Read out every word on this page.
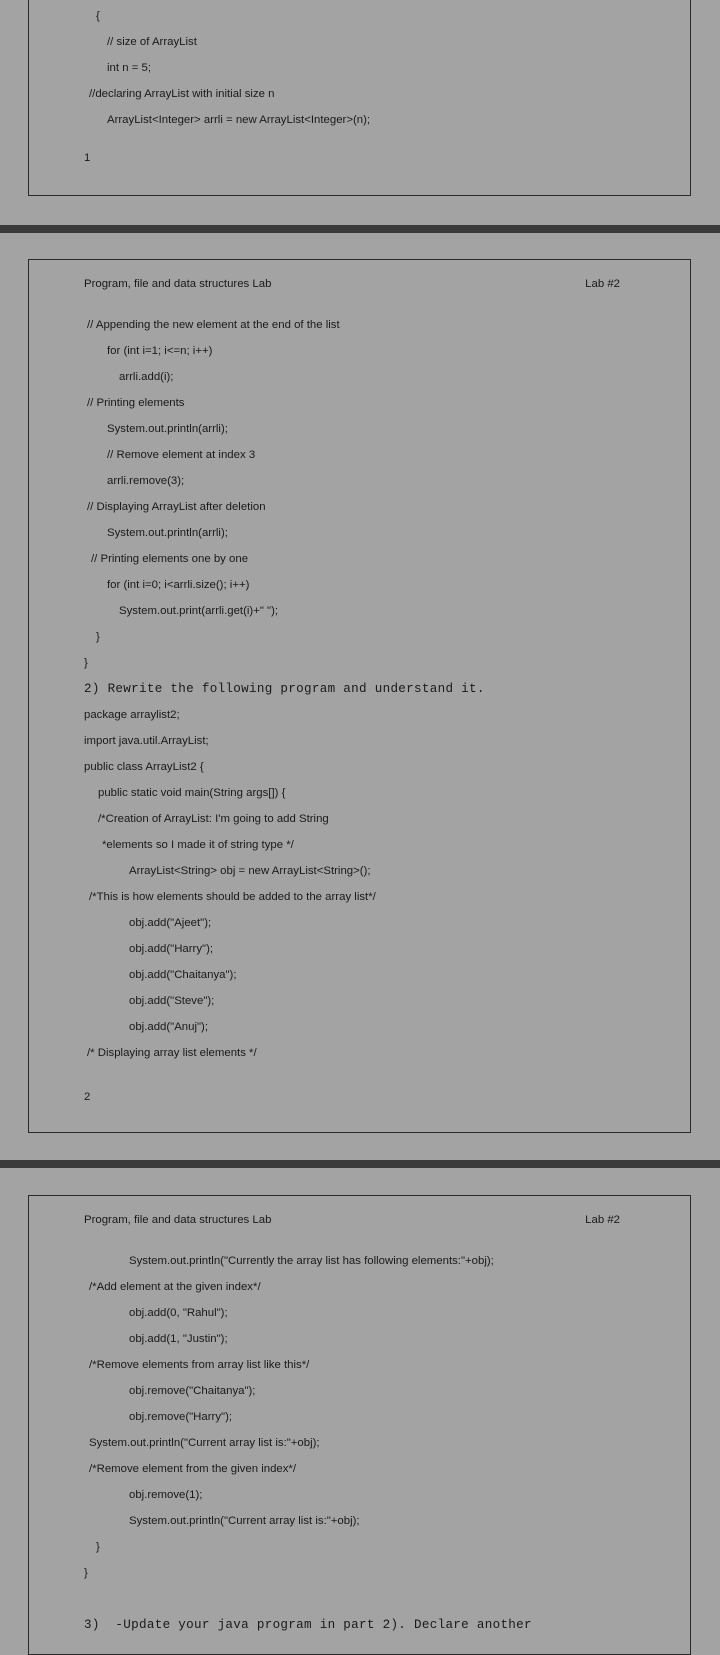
{
// size of ArrayList
int n = 5;
//declaring ArrayList with initial size n
ArrayList<Integer> arrli = new ArrayList<Integer>(n);
1
Program, file and data structures Lab	Lab #2
// Appending the new element at the end of the list
for (int i=1; i<=n; i++)
arrli.add(i);
// Printing elements
System.out.println(arrli);
// Remove element at index 3
arrli.remove(3);
// Displaying ArrayList after deletion
System.out.println(arrli);
// Printing elements one by one
for (int i=0; i<arrli.size(); i++)
System.out.print(arrli.get(i)+" ");
}
}
2) Rewrite the following program and understand it.
package arraylist2;
import java.util.ArrayList;
public class ArrayList2 {
public static void main(String args[]) {
/*Creation of ArrayList: I'm going to add String
*elements so I made it of string type */
ArrayList<String> obj = new ArrayList<String>();
/*This is how elements should be added to the array list*/
obj.add("Ajeet");
obj.add("Harry");
obj.add("Chaitanya");
obj.add("Steve");
obj.add("Anuj");
/* Displaying array list elements */
2
Program, file and data structures Lab	Lab #2
System.out.println("Currently the array list has following elements:"+obj);
/*Add element at the given index*/
obj.add(0, "Rahul");
obj.add(1, "Justin");
/*Remove elements from array list like this*/
obj.remove("Chaitanya");
obj.remove("Harry");
System.out.println("Current array list is:"+obj);
/*Remove element from the given index*/
obj.remove(1);
System.out.println("Current array list is:"+obj);
}
}
3)  -Update your java program in part 2). Declare another
